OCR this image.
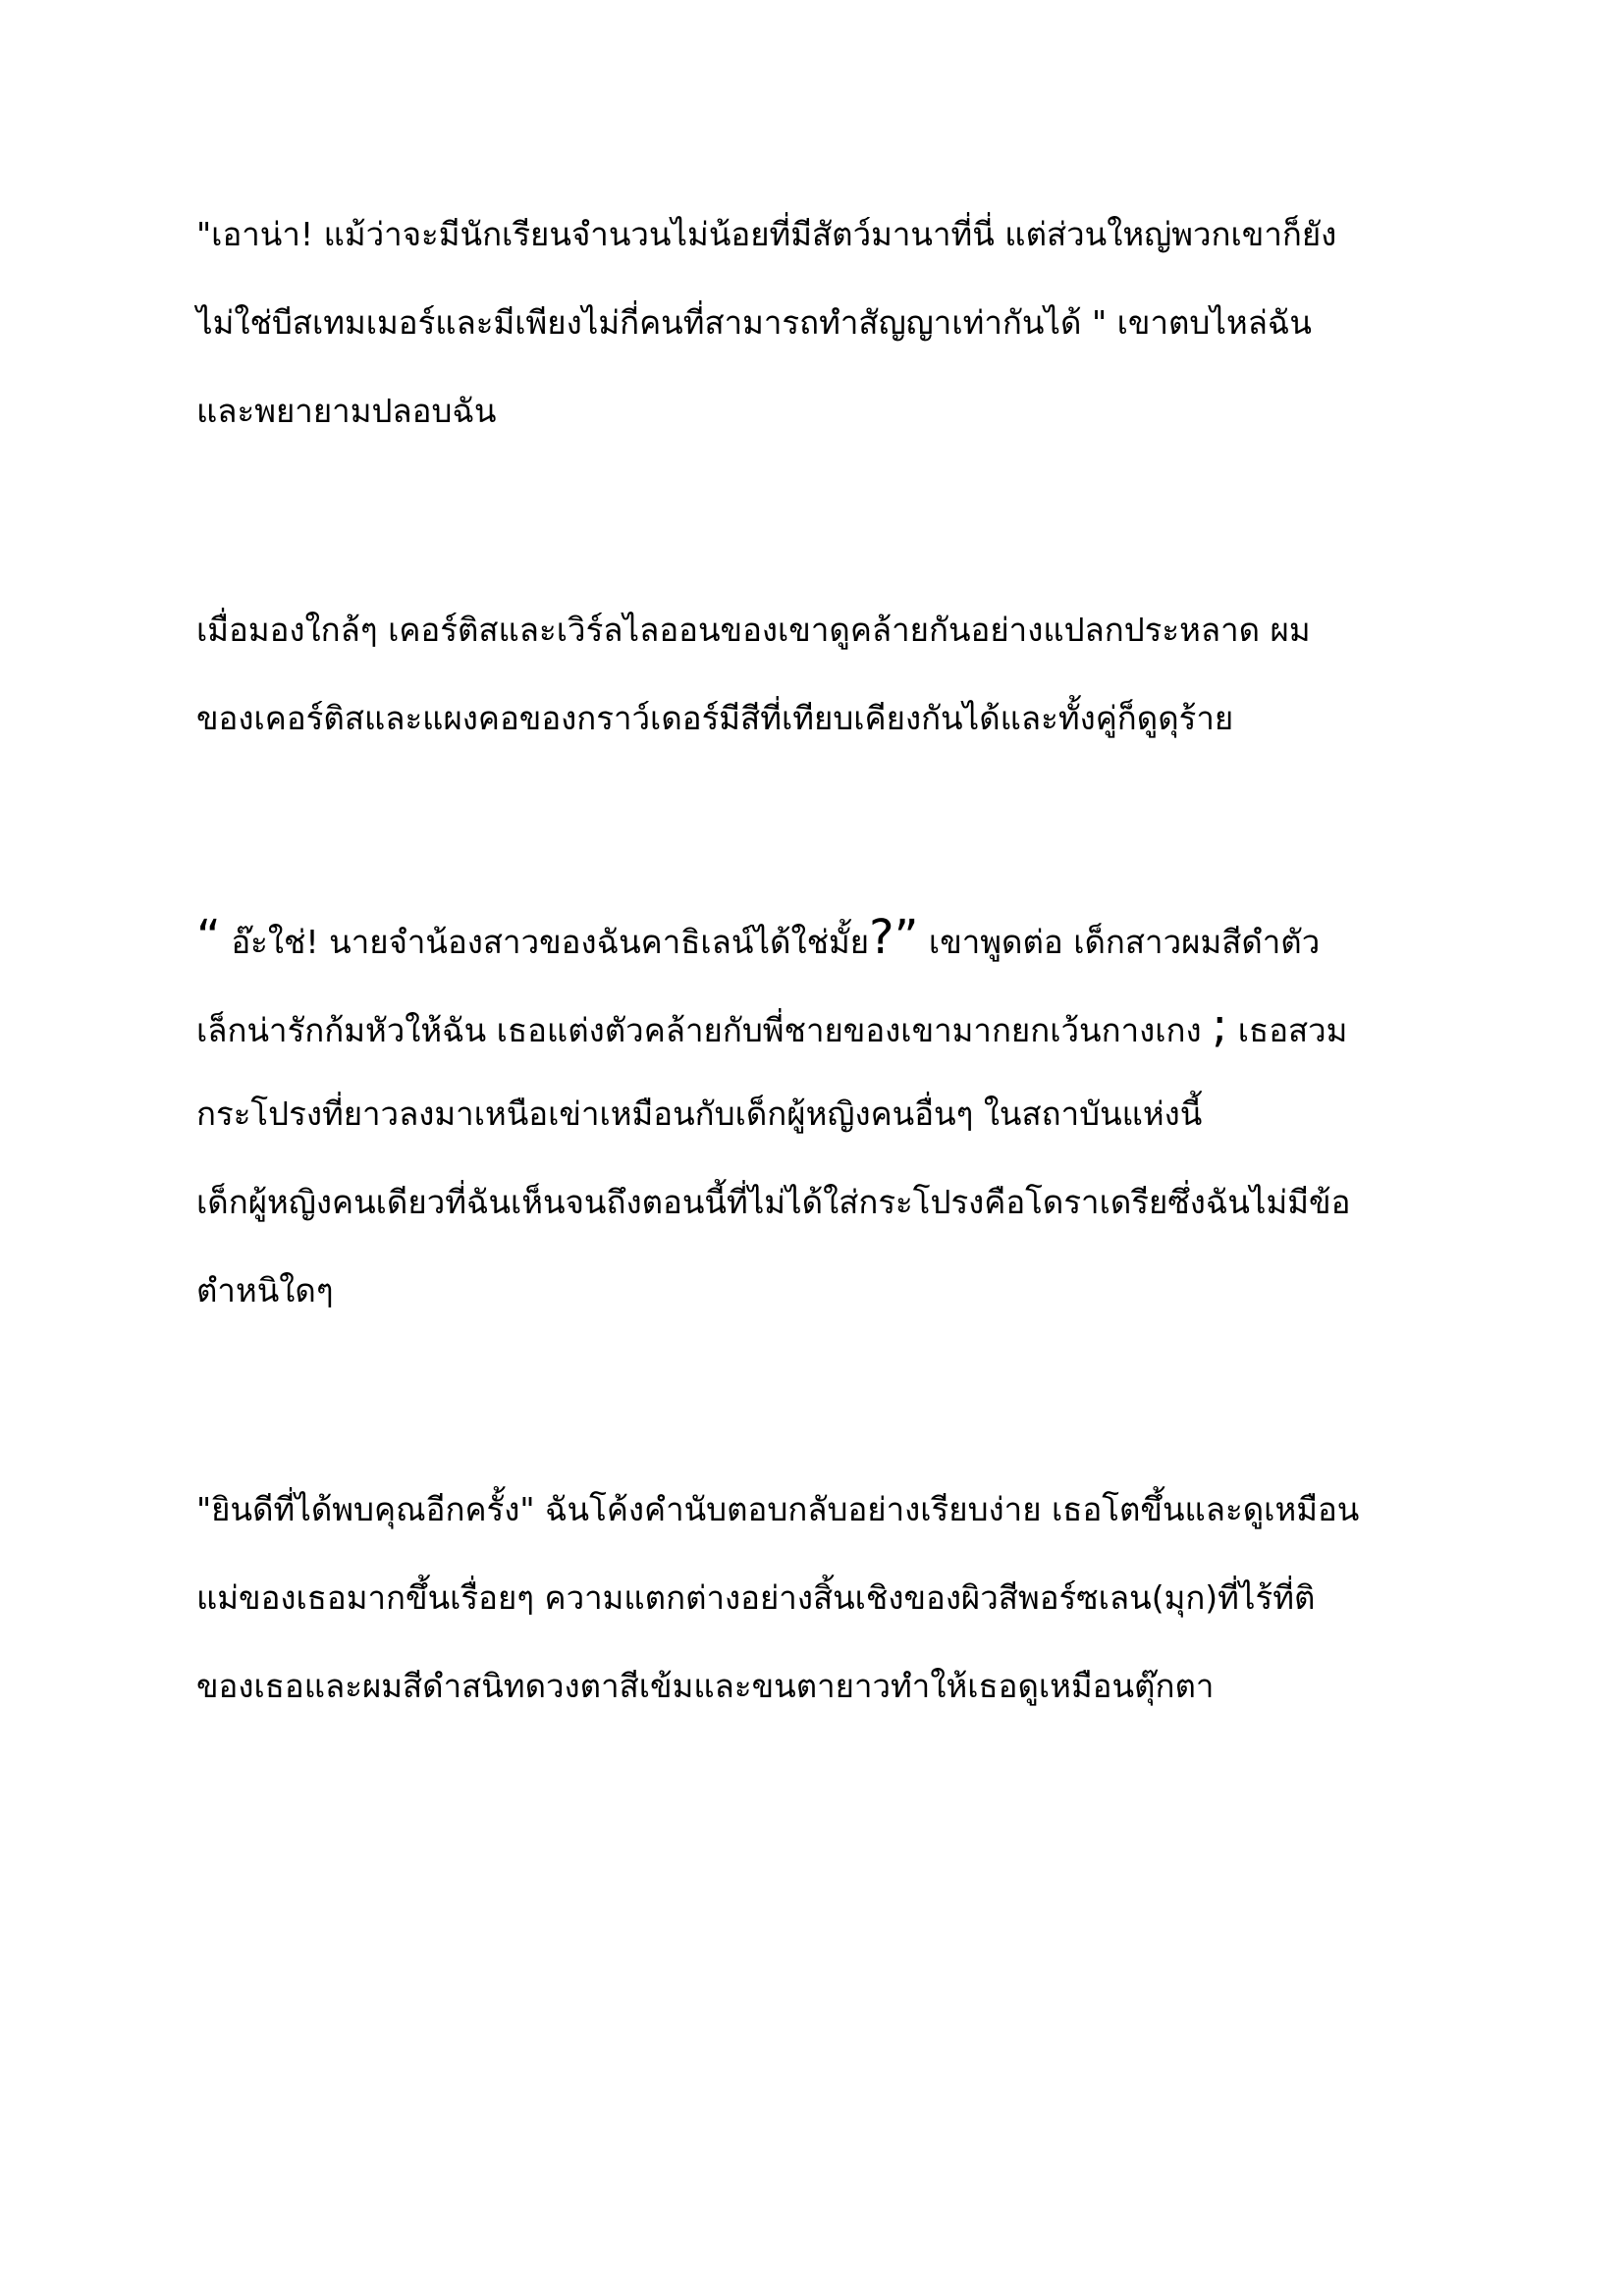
"เอาน่า! แม้ว่าจะมีนักเรียนจำนวนไม่น้อยที่มีสัตว์มานาที่นี่ แต่ส่วนใหญ่พวกเขาก็ยัง
ไม่ใช่บีสเทมเมอร์และมีเพียงไม่กี่คนที่สามารถทำสัญญาเท่ากันได้ " เขาตบไหล่ฉัน
และพยายามปลอบฉัน

เมื่อมองใกล้ๆ เคอร์ติสและเวิร์ลไลออนของเขาดูคล้ายกันอย่างแปลกประหลาด ผม
ของเคอร์ติสและแผงคอของกราว์เดอร์มีสีที่เทียบเคียงกันได้และทั้งคู่ก็ดูดุร้าย

“ อ๊ะใช่! นายจำน้องสาวของฉันคาธิเลน์ได้ใช่มั้ย?” เขาพูดต่อ เด็กสาวผมสีดำตัว
เล็กน่ารักก้มหัวให้ฉัน เธอแต่งตัวคล้ายกับพี่ชายของเขามากยกเว้นกางเกง ; เธอสวม
กระโปรงที่ยาวลงมาเหนือเข่าเหมือนกับเด็กผู้หญิงคนอื่นๆ ในสถาบันแห่งนี้
เด็กผู้หญิงคนเดียวที่ฉันเห็นจนถึงตอนนี้ที่ไม่ได้ใส่กระโปรงคือโดราเดรียซึ่งฉันไม่มีข้อ
ตำหนิใดๆ

"ยินดีที่ได้พบคุณอีกครั้ง" ฉันโค้งคำนับตอบกลับอย่างเรียบง่าย เธอโตขึ้นและดูเหมือน
แม่ของเธอมากขึ้นเรื่อยๆ ความแตกต่างอย่างสิ้นเชิงของผิวสีพอร์ซเลน(มุก)ที่ไร้ที่ติ
ของเธอและผมสีดำสนิทดวงตาสีเข้มและขนตายาวทำให้เธอดูเหมือนตุ๊กตา
